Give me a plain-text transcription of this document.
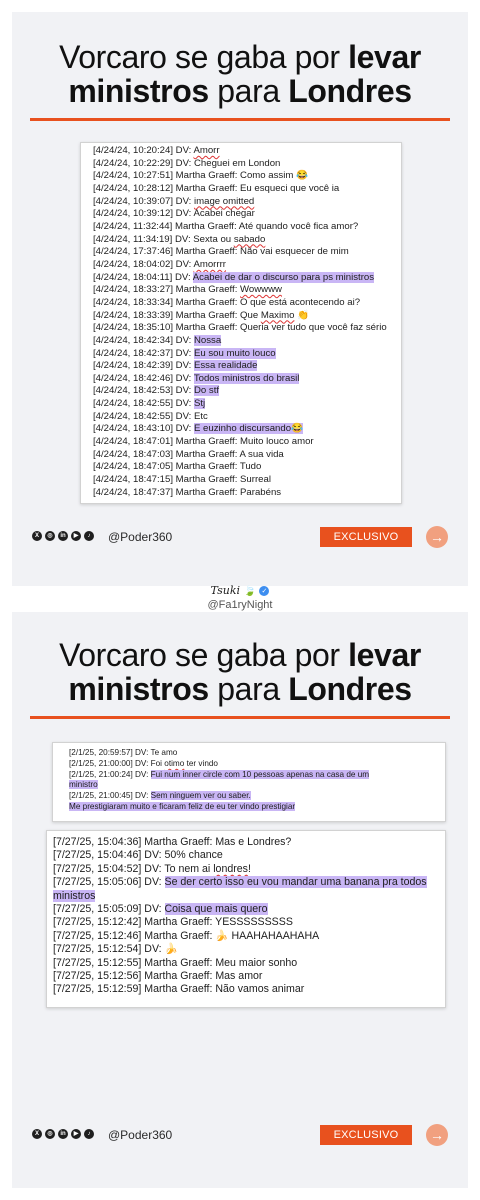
Vorcaro se gaba por levar
ministros para Londres
[4/24/24, 10:20:24] DV: Amorr
[4/24/24, 10:22:29] DV: Cheguei em London
[4/24/24, 10:27:51] Martha Graeff: Como assim 😂
[4/24/24, 10:28:12] Martha Graeff: Eu esqueci que você ia
[4/24/24, 10:39:07] DV: image omitted
[4/24/24, 10:39:12] DV: Acabei chegar
[4/24/24, 11:32:44] Martha Graeff: Até quando você fica amor?
[4/24/24, 11:34:19] DV: Sexta ou sabado
[4/24/24, 17:37:46] Martha Graeff: Não vai esquecer de mim
[4/24/24, 18:04:02] DV: Amorrrr
[4/24/24, 18:04:11] DV: Acabei de dar o discurso para ps ministros
[4/24/24, 18:33:27] Martha Graeff: Wowwww
[4/24/24, 18:33:34] Martha Graeff: O que está acontecendo ai?
[4/24/24, 18:33:39] Martha Graeff: Que Maximo 👏
[4/24/24, 18:35:10] Martha Graeff: Queria ver tudo que você faz sério
[4/24/24, 18:42:34] DV: Nossa
[4/24/24, 18:42:37] DV: Eu sou muito louco
[4/24/24, 18:42:39] DV: Essa realidade
[4/24/24, 18:42:46] DV: Todos ministros do brasil
[4/24/24, 18:42:53] DV: Do stf
[4/24/24, 18:42:55] DV: Stj
[4/24/24, 18:42:55] DV: Etc
[4/24/24, 18:43:10] DV: E euzinho discursando😂
[4/24/24, 18:47:01] Martha Graeff: Muito louco amor
[4/24/24, 18:47:03] Martha Graeff: A sua vida
[4/24/24, 18:47:05] Martha Graeff: Tudo
[4/24/24, 18:47:15] Martha Graeff: Surreal
[4/24/24, 18:47:37] Martha Graeff: Parabéns
X	◎	in	▶	♪ @Poder360	EXCLUSIVO	→
Tsuki 🍃 ✓
@Fa1ryNight
Vorcaro se gaba por levar
ministros para Londres
[2/1/25, 20:59:57] DV: Te amo
[2/1/25, 21:00:00] DV: Foi otimo ter vindo
[2/1/25, 21:00:24] DV: Fui num inner circle com 10 pessoas apenas na casa de um
ministro
[2/1/25, 21:00:45] DV: Sem ninguem ver ou saber.
Me prestigiaram muito e ficaram feliz de eu ter vindo prestigiar
[7/27/25, 15:04:36] Martha Graeff: Mas e Londres?
[7/27/25, 15:04:46] DV: 50% chance
[7/27/25, 15:04:52] DV: To nem ai londres!
[7/27/25, 15:05:06] DV: Se der certo isso eu vou mandar uma banana pra todos
ministros
[7/27/25, 15:05:09] DV: Coisa que mais quero
[7/27/25, 15:12:42] Martha Graeff: YESSSSSSSSS
[7/27/25, 15:12:46] Martha Graeff: 🍌 HAAHAHAAHAHA
[7/27/25, 15:12:54] DV: 🍌
[7/27/25, 15:12:55] Martha Graeff: Meu maior sonho
[7/27/25, 15:12:56] Martha Graeff: Mas amor
[7/27/25, 15:12:59] Martha Graeff: Não vamos animar
X	◎	in	▶	♪ @Poder360	EXCLUSIVO	→
